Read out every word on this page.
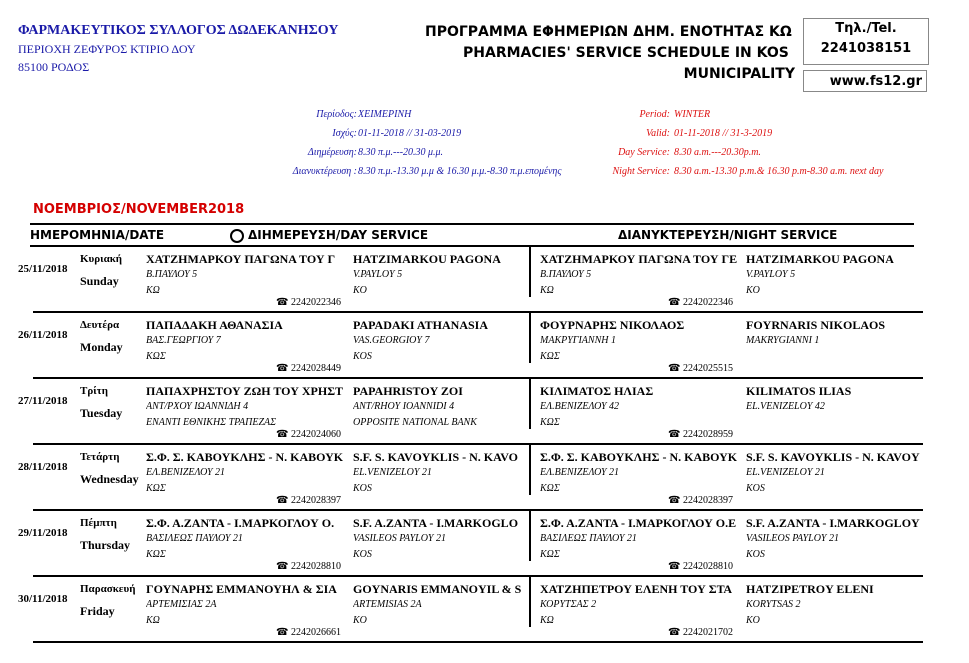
ΦΑΡΜΑΚΕΥΤΙΚΟΣ ΣΥΛΛΟΓΟΣ ΔΩΔΕΚΑΝΗΣΟΥ
ΠΕΡΙΟΧΗ ΖΕΦΥΡΟΣ ΚΤΙΡΙΟ ΔΟΥ
85100 ΡΟΔΟΣ
ΠΡΟΓΡΑΜΜΑ ΕΦΗΜΕΡΙΩΝ ΔΗΜ. ΕΝΟΤΗΤΑΣ ΚΩ
PHARMACIES' SERVICE SCHEDULE IN KOS
MUNICIPALITY
Τηλ./Tel.
2241038151
www.fs12.gr
Περίοδος:
Ισχύς:
Διημέρευση:
Διανυκτέρευση :
ΧΕΙΜΕΡΙΝΗ
01-11-2018 // 31-03-2019
8.30 π.μ.---20.30 μ.μ.
8.30 π.μ.-13.30 μ.μ & 16.30 μ.μ.-8.30 π.μ.επομένης
Period:
Valid:
Day Service:
Night Service:
WINTER
01-11-2018 // 31-3-2019
8.30 a.m.---20.30p.m.
8.30 a.m.-13.30 p.m.& 16.30 p.m-8.30 a.m. next day
ΝΟΕΜΒΡΙΟΣ/NOVEMBER2018
ΗΜΕΡΟΜΗΝΙΑ/DATE	ΔΙΗΜΕΡΕΥΣΗ/DAY SERVICE	ΔΙΑΝΥΚΤΕΡΕΥΣΗ/NIGHT SERVICE
25/11/2018
Κυριακή
Sunday
ΧΑΤΖΗΜΑΡΚΟΥ ΠΑΓΩΝΑ ΤΟΥ Γ
Β.ΠΑΥΛΟΥ 5
ΚΩ
HATZIMARKOU PAGONA
V.PAYLOY 5
KO
☎ 2242022346
ΧΑΤΖΗΜΑΡΚΟΥ ΠΑΓΩΝΑ ΤΟΥ ΓΕ
Β.ΠΑΥΛΟΥ 5
ΚΩ
HATZIMARKOU PAGONA
V.PAYLOY 5
KO
☎ 2242022346
26/11/2018
Δευτέρα
Monday
ΠΑΠΑΔΑΚΗ ΑΘΑΝΑΣΙΑ
ΒΑΣ.ΓΕΩΡΓΙΟΥ 7
ΚΩΣ
PAPADAKI ATHANASIA
VAS.GEORGIOY 7
KOS
☎ 2242028449
ΦΟΥΡΝΑΡΗΣ ΝΙΚΟΛΑΟΣ
ΜΑΚΡΥΓΙΑΝΝΗ 1
ΚΩΣ
FOYRNARIS NIKOLAOS
MAKRYGIANNI 1
☎ 2242025515
27/11/2018
Τρίτη
Tuesday
ΠΑΠΑΧΡΗΣΤΟΥ ΖΩΗ ΤΟΥ ΧΡΗΣΤ
ΑΝΤ/ΡΧΟΥ ΙΩΑΝΝΙΔΗ 4
ΕΝΑΝΤΙ ΕΘΝΙΚΗΣ ΤΡΑΠΕΖΑΣ
PAPAHRISTOY ZOI
ANT/RHOY IOANNIDI 4
OPPOSITE NATIONAL BANK
☎ 2242024060
ΚΙΛΙΜΑΤΟΣ ΗΛΙΑΣ
ΕΛ.ΒΕΝΙΖΕΛΟΥ 42
ΚΩΣ
KILIMATOS ILIAS
EL.VENIZELOY 42
☎ 2242028959
28/11/2018
Τετάρτη
Wednesday
Σ.Φ. Σ. ΚΑΒΟΥΚΛΗΣ - Ν. ΚΑΒΟΥΚ
ΕΛ.ΒΕΝΙΖΕΛΟΥ 21
ΚΩΣ
S.F. S. KAVOYKLIS - N. KAVO
EL.VENIZELOY 21
KOS
☎ 2242028397
Σ.Φ. Σ. ΚΑΒΟΥΚΛΗΣ - Ν. ΚΑΒΟΥΚ
ΕΛ.ΒΕΝΙΖΕΛΟΥ 21
ΚΩΣ
S.F. S. KAVOYKLIS - N. KAVOY
EL.VENIZELOY 21
KOS
☎ 2242028397
29/11/2018
Πέμπτη
Thursday
Σ.Φ. Α.ΖΑΝΤΑ - Ι.ΜΑΡΚΟΓΛΟΥ Ο.
ΒΑΣΙΛΕΩΣ ΠΑΥΛΟΥ 21
ΚΩΣ
S.F. A.ZANTA - I.MARKOGLO
VASILEOS PAYLOY 21
KOS
☎ 2242028810
Σ.Φ. Α.ΖΑΝΤΑ - Ι.ΜΑΡΚΟΓΛΟΥ Ο.Ε
ΒΑΣΙΛΕΩΣ ΠΑΥΛΟΥ 21
ΚΩΣ
S.F. A.ZANTA - I.MARKOGLOY
VASILEOS PAYLOY 21
KOS
☎ 2242028810
30/11/2018
Παρασκευή
Friday
ΓΟΥΝΑΡΗΣ ΕΜΜΑΝΟΥΗΛ & ΣΙΑ
ΑΡΤΕΜΙΣΙΑΣ 2Α
ΚΩ
GOYNARIS EMMANOYIL & S
ARTEMISIAS 2A
KO
☎ 2242026661
ΧΑΤΖΗΠΕΤΡΟΥ ΕΛΕΝΗ ΤΟΥ ΣΤΑ
ΚΟΡΥΤΣΑΣ 2
ΚΩ
HATZIPETROY ELENI
KORYTSAS 2
KO
☎ 2242021702
